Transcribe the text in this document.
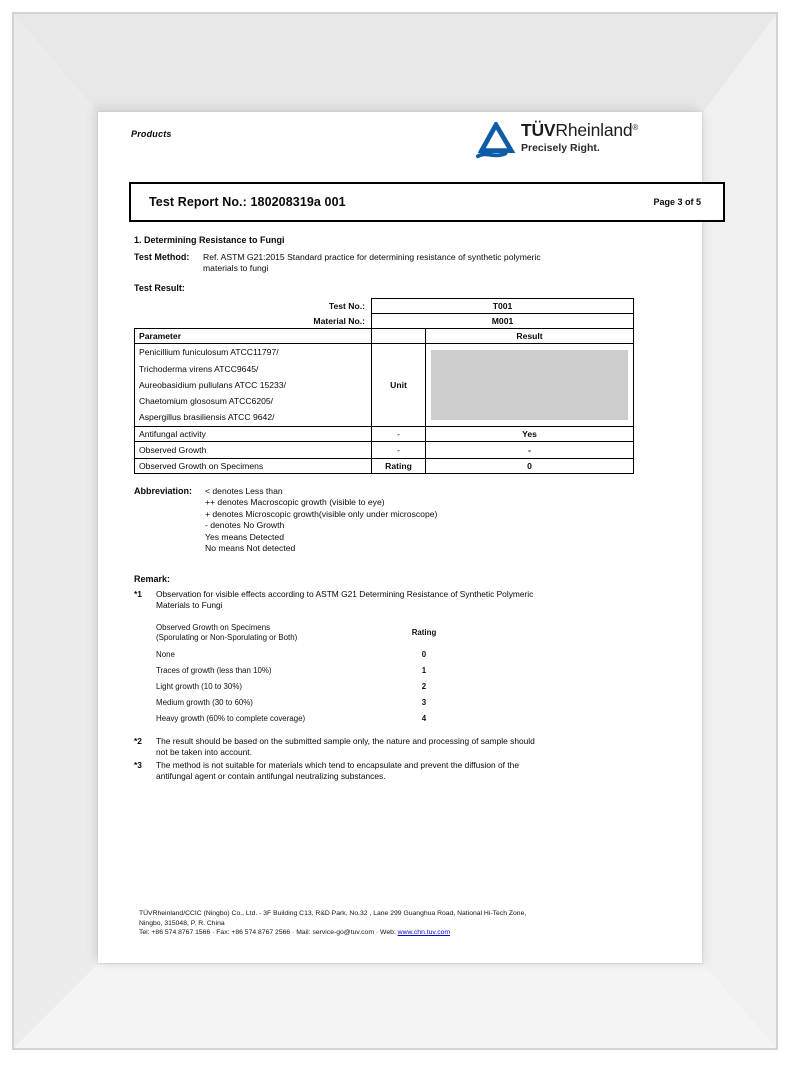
Products	TÜVRheinland®
Precisely Right.
Test Report No.: 180208319a 001	Page 3 of 5
1. Determining Resistance to Fungi
Test Method: Ref. ASTM G21:2015 Standard practice for determining resistance of synthetic polymeric
materials to fungi
Test Result:
Test No.:	T001	
Material No.:	M001	
Parameter		Result

Penicillium funiculosum ATCC11797/
Trichoderma virens ATCC9645/
Aureobasidium pullulans ATCC 15233/
Chaetomium glososum ATCC6205/
Aspergillus brasiliensis ATCC 9642/	Unit	

Antifungal activity	-	Yes
Observed Growth	-	-
Observed Growth on Specimens	Rating	0
Abbreviation: < denotes Less than
++ denotes Macroscopic growth (visible to eye)
+ denotes Microscopic growth(visible only under microscope)
- denotes No Growth
Yes means Detected
No means Not detected
Remark:
*1 Observation for visible effects according to ASTM G21 Determining Resistance of Synthetic Polymeric
Materials to Fungi
Observed Growth on Specimens
(Sporulating or Non-Sporulating or Both)
Rating
None	0
Traces of growth (less than 10%)	1
Light growth (10 to 30%)	2
Medium growth (30 to 60%)	3
Heavy growth (60% to complete coverage)	4
*2 The result should be based on the submitted sample only, the nature and processing of sample should
not be taken into account.
*3 The method is not suitable for materials which tend to encapsulate and prevent the diffusion of the
antifungal agent or contain antifungal neutralizing substances.
TÜVRheinland/CCIC (Ningbo) Co., Ltd. - 3F Building C13, R&D Park, No.32 , Lane 299 Guanghua Road, National Hi-Tech Zone,
Ningbo, 315048, P. R. China
Tel: +86 574 8767 1566 · Fax: +86 574 8767 2566 · Mail: service-go@tuv.com · Web: www.chn.tuv.com
